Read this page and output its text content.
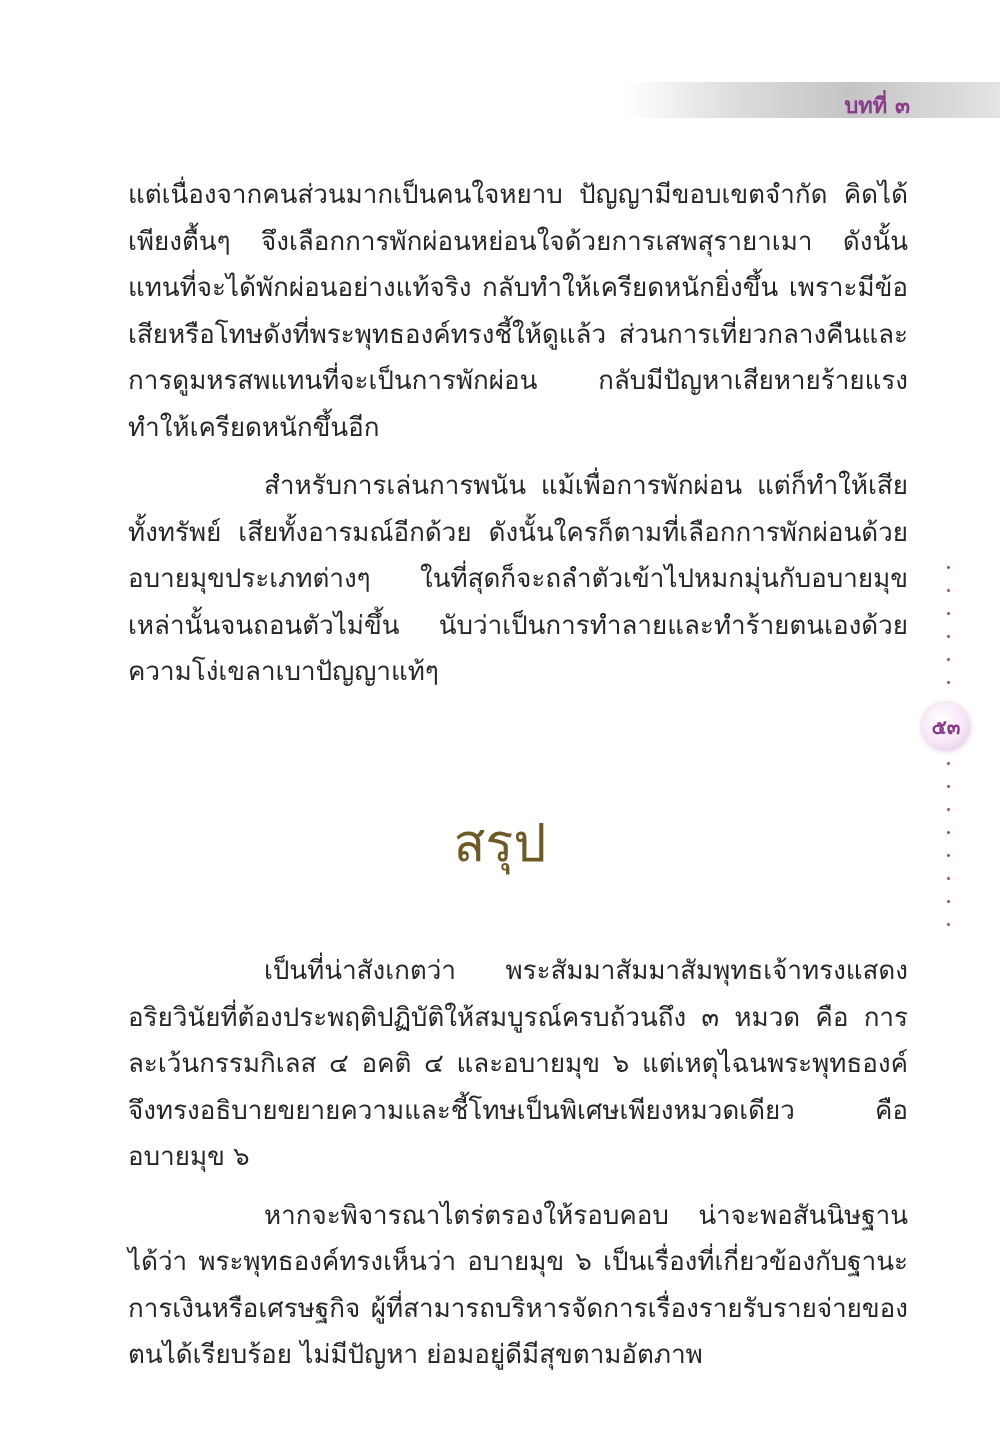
บทที่ ๓

แต่เนื่องจากคนส่วนมากเป็นคนใจหยาบ ปัญญามีขอบเขตจำกัด คิดได้เพียงตื้นๆ จึงเลือกการพักผ่อนหย่อนใจด้วยการเสพสุรายาเมา ดังนั้นแทนที่จะได้พักผ่อนอย่างแท้จริง กลับทำให้เครียดหนักยิ่งขึ้น เพราะมีข้อเสียหรือโทษดังที่พระพุทธองค์ทรงชี้ให้ดูแล้ว ส่วนการเที่ยวกลางคืนและการดูมหรสพแทนที่จะเป็นการพักผ่อน กลับมีปัญหาเสียหายร้ายแรงทำให้เครียดหนักขึ้นอีก

สำหรับการเล่นการพนัน แม้เพื่อการพักผ่อน แต่ก็ทำให้เสียทั้งทรัพย์ เสียทั้งอารมณ์อีกด้วย ดังนั้นใครก็ตามที่เลือกการพักผ่อนด้วยอบายมุขประเภทต่างๆ ในที่สุดก็จะถลำตัวเข้าไปหมกมุ่นกับอบายมุขเหล่านั้นจนถอนตัวไม่ขึ้น นับว่าเป็นการทำลายและทำร้ายตนเองด้วยความโง่เขลาเบาปัญญาแท้ๆ

๕๓
สรุป

เป็นที่น่าสังเกตว่า พระสัมมาสัมมาสัมพุทธเจ้าทรงแสดงอริยวินัยที่ต้องประพฤติปฏิบัติให้สมบูรณ์ครบถ้วนถึง ๓ หมวด คือ การละเว้นกรรมกิเลส ๔ อคติ ๔ และอบายมุข ๖ แต่เหตุไฉนพระพุทธองค์จึงทรงอธิบายขยายความและชี้โทษเป็นพิเศษเพียงหมวดเดียว คือ อบายมุข ๖

หากจะพิจารณาไตร่ตรองให้รอบคอบ น่าจะพอสันนิษฐานได้ว่า พระพุทธองค์ทรงเห็นว่า อบายมุข ๖ เป็นเรื่องที่เกี่ยวข้องกับฐานะการเงินหรือเศรษฐกิจ ผู้ที่สามารถบริหารจัดการเรื่องรายรับรายจ่ายของตนได้เรียบร้อย ไม่มีปัญหา ย่อมอยู่ดีมีสุขตามอัตภาพ
